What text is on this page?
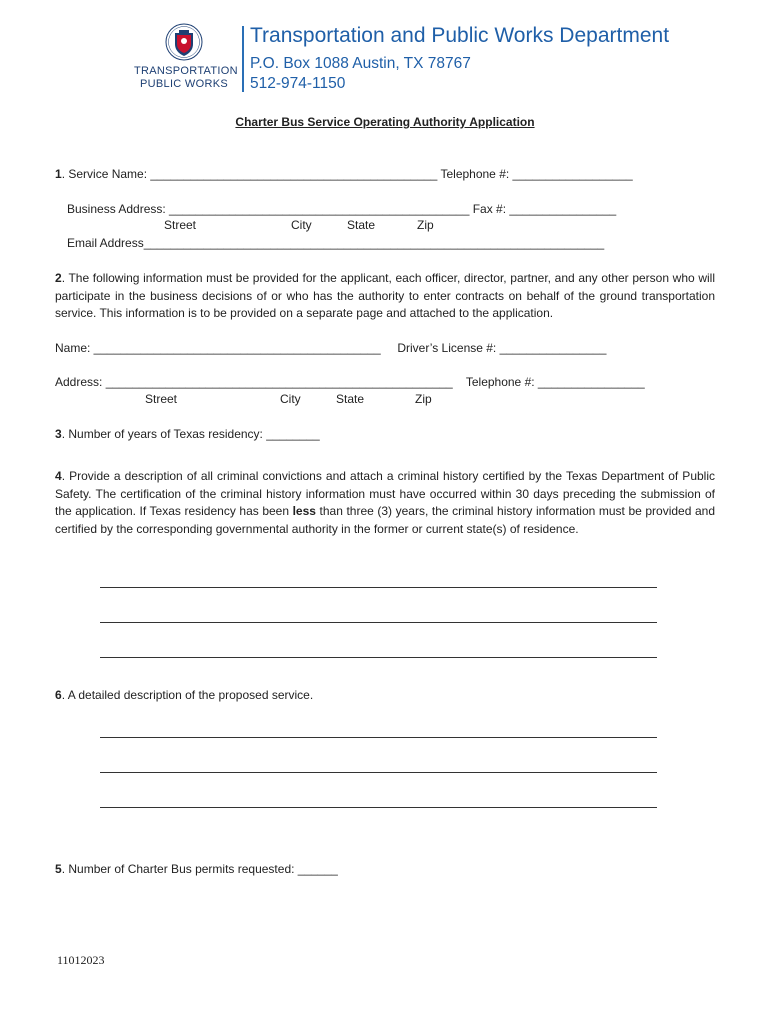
TRANSPORTATION
PUBLIC WORKS
Transportation and Public Works Department
P.O. Box 1088 Austin, TX 78767
512-974-1150
Charter Bus Service Operating Authority Application
1. Service Name: ___________________________________________ Telephone #: __________________
Business Address: _____________________________________________ Fax #: ________________
Street	City	State	Zip
Email Address_____________________________________________________________________
2. The following information must be provided for the applicant, each officer, director, partner, and any other person who will participate in the business decisions of or who has the authority to enter contracts on behalf of the ground transportation service. This information is to be provided on a separate page and attached to the application.
Name: ___________________________________________     Driver’s License #: ________________
Address: ____________________________________________________    Telephone #: ________________
Street	City	State	Zip
3. Number of years of Texas residency: ________
4. Provide a description of all criminal convictions and attach a criminal history certified by the Texas Department of Public Safety. The certification of the criminal history information must have occurred within 30 days preceding the submission of the application. If Texas residency has been less than three (3) years, the criminal history information must be provided and certified by the corresponding governmental authority in the former or current state(s) of residence.
6. A detailed description of the proposed service.
5. Number of Charter Bus permits requested: ______
11012023
